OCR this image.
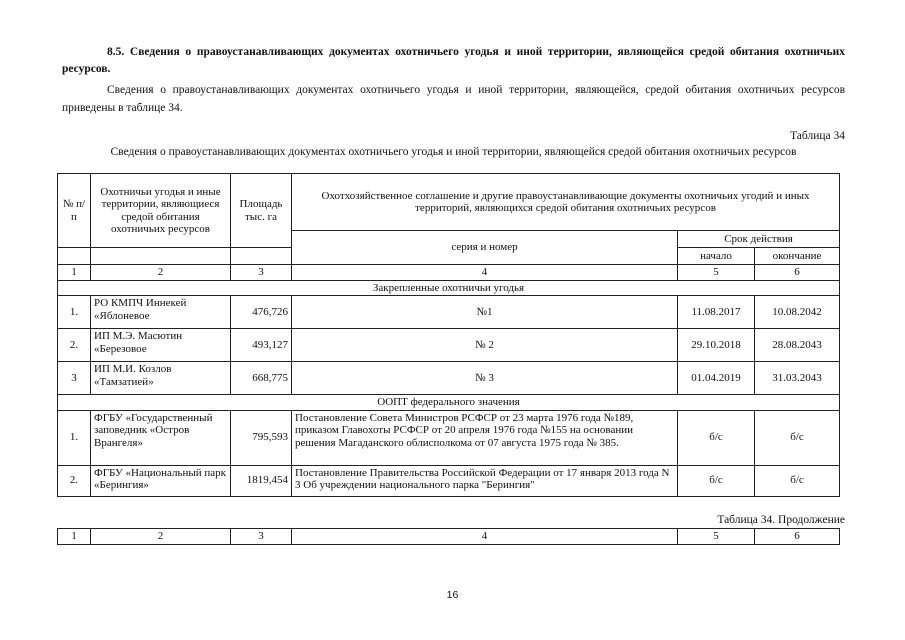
8.5. Сведения о правоустанавливающих документах охотничьего угодья и иной территории, являющейся средой обитания охотничьих ресурсов.
Сведения о правоустанавливающих документах охотничьего угодья и иной территории, являющейся, средой обитания охотничьих ресурсов приведены в таблице 34.
Таблица 34
Сведения о правоустанавливающих документах охотничьего угодья и иной территории, являющейся средой обитания охотничьих ресурсов
№ п/п	Охотничьи угодья и иные территории, являющиеся средой обитания охотничьих ресурсов	Площадь тыс. га	Охотхозяйственное соглашение и другие правоустанавливающие документы охотничьих угодий и иных территорий, являющихся средой обитания охотничьих ресурсов		
			серия и номер	Срок действия	
				начало	окончание
1	2	3	4	5	6
Закрепленные охотничьи угодья					
1.	РО КМПЧ Иннекей «Яблоневое	476,726	№1	11.08.2017	10.08.2042
2.	ИП М.Э. Масютин «Березовое	493,127	№ 2	29.10.2018	28.08.2043
3	ИП М.И. Козлов «Тамзатией»	668,775	№ 3	01.04.2019	31.03.2043
ООПТ федерального значения					
1.	ФГБУ «Государственный заповедник «Остров Врангеля»	795,593	Постановление Совета Министров РСФСР от 23 марта 1976 года №189, приказом Главохоты РСФСР от 20 апреля 1976 года №155 на основании решения Магаданского облисполкома от 07 августа 1975 года № 385.	б/с	б/с
2.	ФГБУ «Национальный парк «Берингия»	1819,454	Постановление Правительства Российской Федерации от 17 января 2013 года N 3 Об учреждении национального парка "Берингия"	б/с	б/с
Таблица 34. Продолжение
1	2	3	4	5	6
16
